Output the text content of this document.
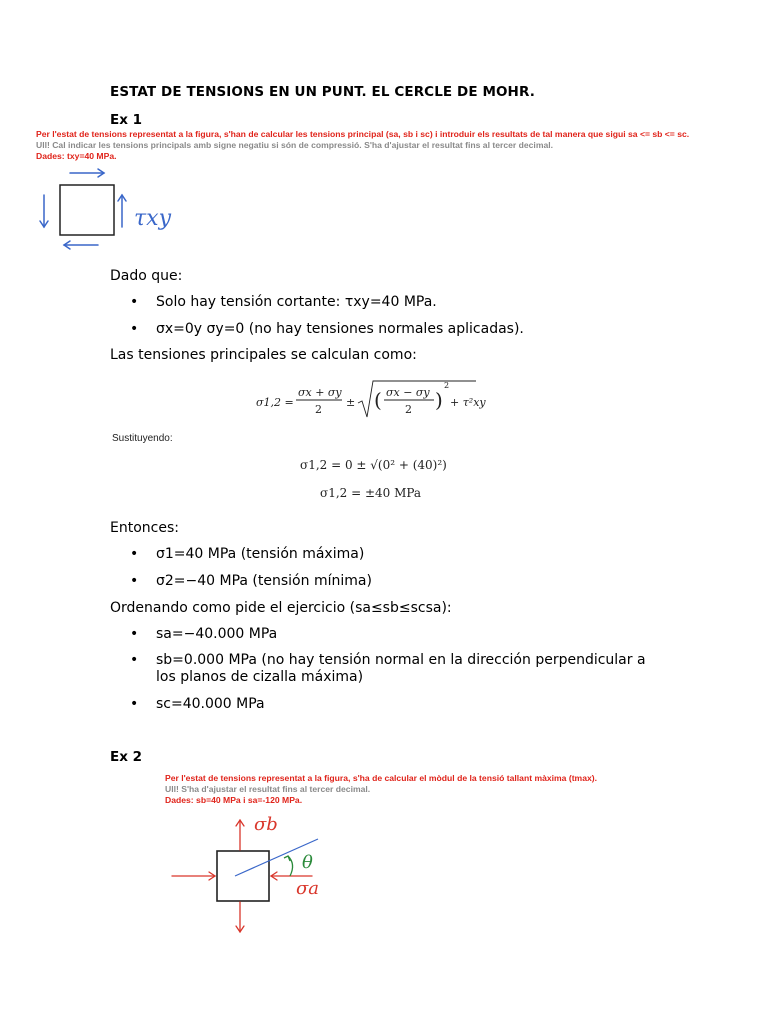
ESTAT DE TENSIONS EN UN PUNT. EL CERCLE DE MOHR.
Ex 1
Per l'estat de tensions representat a la figura, s'han de calcular les tensions principal (sa, sb i sc) i introduir els resultats de tal manera que sigui sa <= sb <= sc.
Ull! Cal indicar les tensions principals amb signe negatiu si són de compressió. S'ha d'ajustar el resultat fins al tercer decimal.
Dades: txy=40 MPa.
τxy
Dado que:
• Solo hay tensión cortante: τxy=40 MPa.
• σx=0y σy=0 (no hay tensiones normales aplicadas).
Las tensiones principales se calculan como:
σ1,2 =
σx + σy
2
± ( σx − σy
2 )
2
+ τ²xy
Sustituyendo:
σ1,2 = 0 ± √(0² + (40)²)
σ1,2 = ±40 MPa
Entonces:
• σ1=40 MPa (tensión máxima)
• σ2=−40 MPa (tensión mínima)
Ordenando como pide el ejercicio (sa≤sb≤scsa):
• sa=−40.000 MPa
• sb=0.000 MPa (no hay tensión normal en la dirección perpendicular a los planos de cizalla máxima)
• sc=40.000 MPa
Ex 2
Per l'estat de tensions representat a la figura, s'ha de calcular el mòdul de la tensió tallant màxima (tmax).
Ull! S'ha d'ajustar el resultat fins al tercer decimal.
Dades: sb=40 MPa i sa=-120 MPa.
σb
σa
θ
